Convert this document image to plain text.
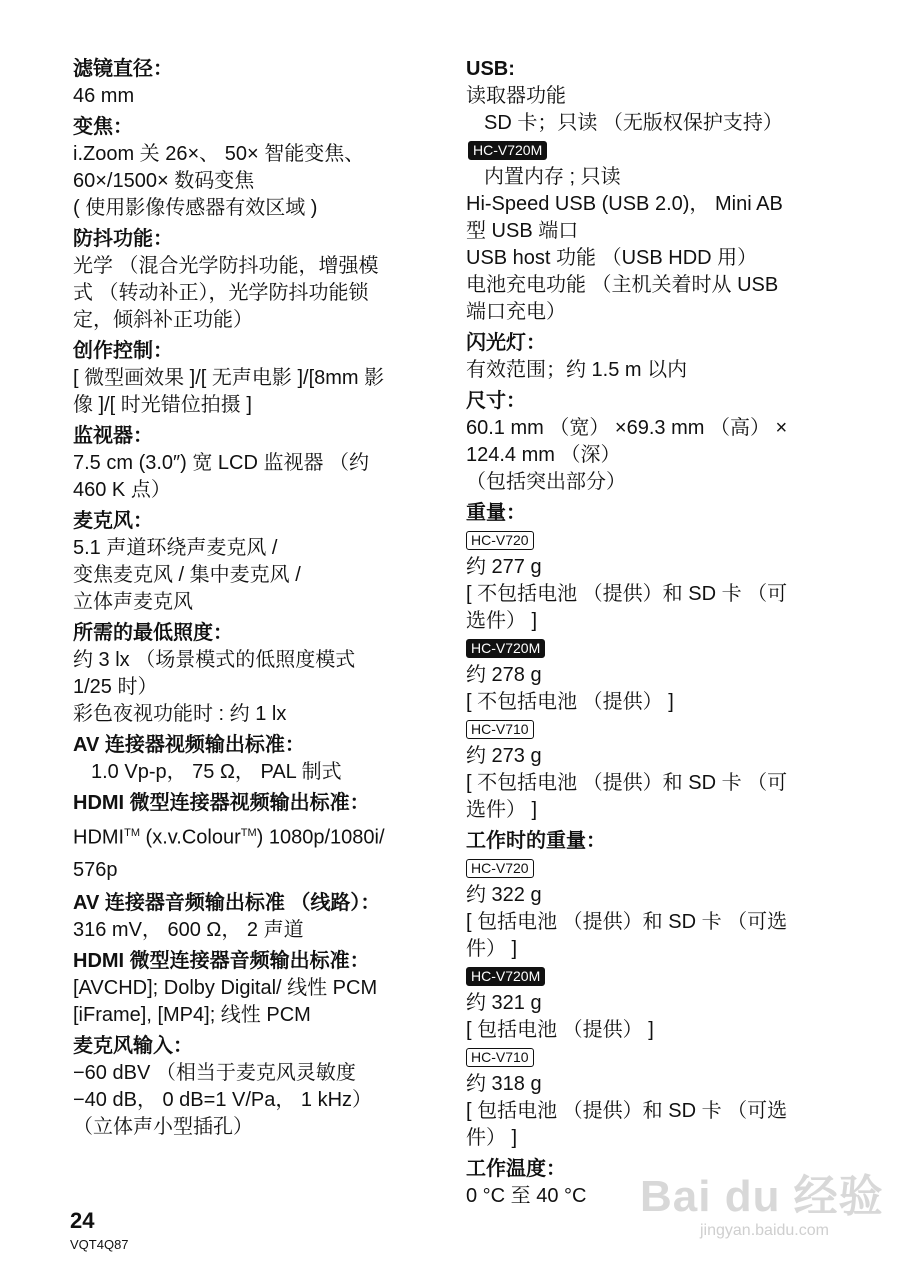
滤镜直径：
46 mm
变焦：
i.Zoom 关 26×、 50× 智能变焦、
60×/1500× 数码变焦
( 使用影像传感器有效区域 )
防抖功能：
光学 （混合光学防抖功能，增强模
式 （转动补正），光学防抖功能锁
定，倾斜补正功能）
创作控制：
[ 微型画效果 ]/[ 无声电影 ]/[8mm 影
像 ]/[ 时光错位拍摄 ]
监视器：
7.5 cm (3.0″) 宽 LCD 监视器 （约
460 K 点）
麦克风：
5.1 声道环绕声麦克风 /
变焦麦克风 / 集中麦克风 /
立体声麦克风
所需的最低照度：
约 3 lx （场景模式的低照度模式
1/25 时）
彩色夜视功能时 : 约 1 lx
AV 连接器视频输出标准：
1.0 Vp-p， 75 Ω， PAL 制式
HDMI 微型连接器视频输出标准：
HDMI™ (x.v.Colour™) 1080p/1080i/
576p
AV 连接器音频输出标准 （线路）：
316 mV， 600 Ω， 2 声道
HDMI 微型连接器音频输出标准：
[AVCHD]; Dolby Digital/ 线性 PCM
[iFrame], [MP4]; 线性 PCM
麦克风输入：
−60 dBV （相当于麦克风灵敏度
−40 dB， 0 dB=1 V/Pa， 1 kHz）
（立体声小型插孔）
USB:
读取器功能
SD 卡；只读 （无版权保护支持）
HC-V720M
内置内存 ; 只读
Hi-Speed USB (USB 2.0)， Mini AB
型 USB 端口
USB host 功能 （USB HDD 用）
电池充电功能 （主机关着时从 USB
端口充电）
闪光灯：
有效范围；约 1.5 m 以内
尺寸：
60.1 mm （宽） ×69.3 mm （高） ×
124.4 mm （深）
（包括突出部分）
重量：
HC-V720
约 277 g
[ 不包括电池 （提供）和 SD 卡 （可
选件） ]
HC-V720M
约 278 g
[ 不包括电池 （提供） ]
HC-V710
约 273 g
[ 不包括电池 （提供）和 SD 卡 （可
选件） ]
工作时的重量：
HC-V720
约 322 g
[ 包括电池 （提供）和 SD 卡 （可选
件） ]
HC-V720M
约 321 g
[ 包括电池 （提供） ]
HC-V710
约 318 g
[ 包括电池 （提供）和 SD 卡 （可选
件） ]
工作温度：
0 °C 至 40 °C
24
VQT4Q87
Bai du 经验
jingyan.baidu.com
